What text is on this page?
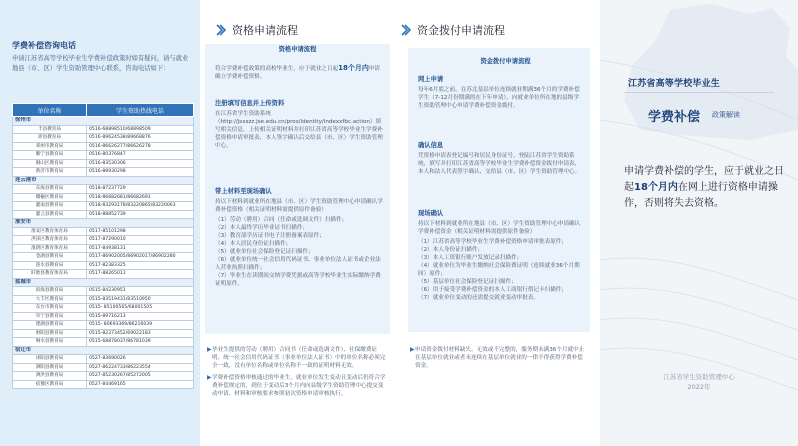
学费补偿咨询电话
申请江苏省高等学校毕业生学费补偿政策时如有疑问，请与就业地县（市、区）学生资助管理中心联系，咨询电话如下：
单位名称	学生资助热线电话
徐州市	
丰县教育局	0516-68898510/68898509
沛县教育局	0516-89624538/89668876
邳州市教育局	0516-86626277/86626278
睢宁县教育局	0516-80376847
铜山区教育局	0516-83530306
新沂市教育局	0516-88930298
连云港市	
东海县教育局	0518-87237729
赣榆区教育局	0518-86682681/86682691
灌南县教育局	0518-83293178/83220865/83220063
灌云县教育局	0518-88852739
淮安市	
淮安区教育体育局	0517-85101298
洪泽区教育体育局	0517-87290010
淮阴区教育体育局	0517-84938131
金湖县教育局	0517-86902005/86902017/86902280
涟水县教育局	0517-82383325
盱眙县教育体育局	0517-88265011
盐城市	
滨海县教育局	0515-84230951
大丰区教育局	0515-83519431/83510950
东台市教育局	0515- 85100565/68001505
阜宁县教育局	0515-89716213
建湖县教育局	0515- 80693369/86216039
射阳县教育局	0515-82373452/69022183
响水县教育局	0515-68878037/86781039
宿迁市	
沭阳县教育局	0527-83690026
泗阳县教育局	0527-86224733/86223554
泗洪县教育局	0527-85230267/85272005
宿豫区教育局	0527-84469165
资格申请流程
资格申请流程
符合学费补偿政策的高校毕业生，应于就业之日起18个月内申请确立学费补偿资格。
注册填写信息并上传资料
在江苏省学生资助系统（http://jsxszz.jse.edu.cn/pros/identity/indexxfbc.action）填写相关信息，上传相关证明材料并打印江苏省高等学校毕业生学费补偿资格申请审批表，本人签字确认后交给县（市、区）学生资助管理中心。
带上材料至现场确认

持以下材料到就业所在地县（市、区）学生资助管理中心申请确认学费补偿资格（相关证明材料需提供原件备验）

（1）劳动（聘用）合同（任命或选调文件）扫描件；
（2）本人最终学历毕业证书扫描件；
（3）教育部学历证书电子注册备案表原件；
（4）本人居民身份证扫描件；
（5）就业单位社会保险登记证扫描件；
（6）就业单位统一社会信用代码证书、事业单位法人证书或企业法人营业执照扫描件；
（7）毕业生在读期间交纳学费凭据或高等学校毕业生实际缴纳学费证明原件。
▶ 毕业生提供的劳动（聘用）合同书（任命或选调文件）、社保缴费证明、统一社会信用代码证书（事业单位法人证书）中的单位名称必须完全一致，没有单位名称或单位名称不一致的证明材料无效。
▶ 学费补偿资格审核通过的毕业生，就业单位发生变动且变动后仍符合学费补偿规定的，到位于变动后3个月内向县级学生资助管理中心提交变动申请。材料和审核要求参照初次资格申请审核执行。
资金拨付申请流程
资金拨付申请流程
网上申请
每年6月底之前，在苏北基层单位连续就业期满36个月的学费补偿学生（7-12月份期满的在下年申请），向就业单位所在地的县级学生资助管理中心申请学费补偿资金拨付。
确认信息
凭资格申请表登记编号和居民身份证号，登陆江苏省学生资助系统，填写并打印江苏省高等学校毕业生学费补偿资金拨付申请表，本人和法人代表签字确认，交给县（市、区）学生资助管理中心。
现场确认

持以下材料到就业所在地县（市、区）学生资助管理中心申请确认学费补偿资金（相关证明材料需提供原件备验）

（1）江苏省高等学校毕业生学费补偿资格申请审批表原件；
（2）本人身份证扫描件；
（3）本人工资银行账户发放记录扫描件；
（4）就业单位为毕业生缴纳社会保险费证明（连续就业36个月期间）原件；
（5）基层单位社会保险登记证扫描件；
（6）用于接受学费补偿资金的本人工商银行借记卡扫描件；
（7）就业单位变动的还需提交就业变动审批表。
▶ 申请资金拨付材料缺失、无效或不完整的，服务期未满36个月就中止在基层单位就业或者未连续在基层单位就业的一律不得获得学费补偿资金。
江苏省高等学校毕业生
学费补偿 政策解读
申请学费补偿的学生，应于就业之日 起18个月内在网上进行资格申请操作，否则将失去资格。
江苏省学生资助管理中心
2022年
